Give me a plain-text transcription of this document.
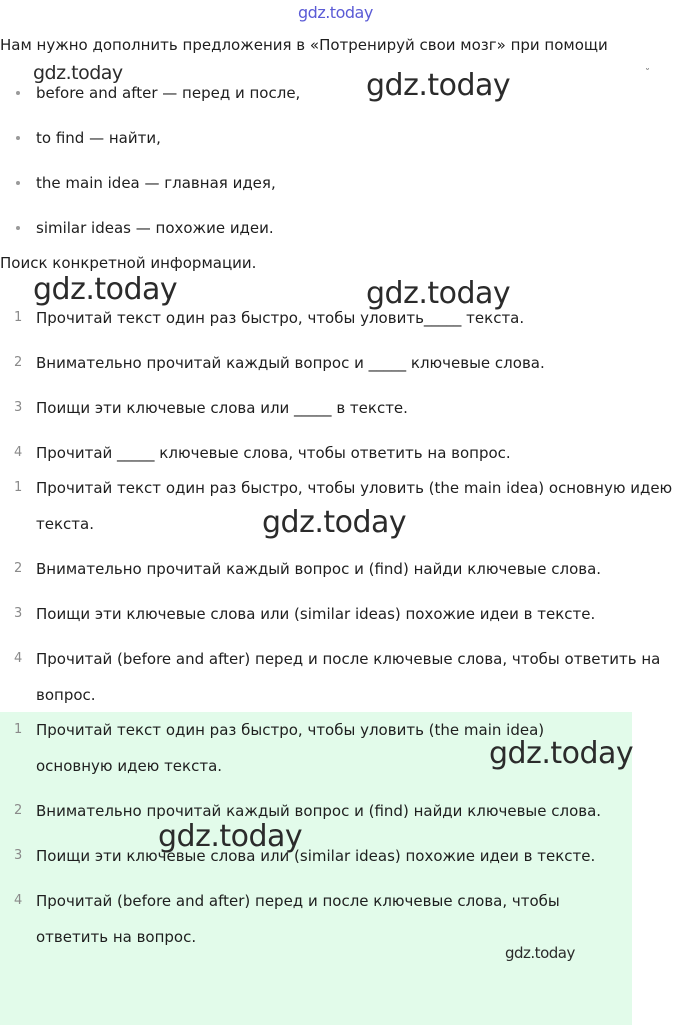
Нам нужно дополнить предложения в «Потренируй свои мозг» при помощи
˘
before and after — перед и после,
to find — найти,
the main idea — главная идея,
similar ideas — похожие идеи.
Поиск конкретной информации.
1 Прочитай текст один раз быстро, чтобы уловить_____ текста.
2 Внимательно прочитай каждый вопрос и _____ ключевые слова.
3 Поищи эти ключевые слова или _____ в тексте.
4 Прочитай _____ ключевые слова, чтобы ответить на вопрос.
1 Прочитай текст один раз быстро, чтобы уловить (the main idea) основную идею текста.
2 Внимательно прочитай каждый вопрос и (find) найди ключевые слова.
3 Поищи эти ключевые слова или (similar ideas) похожие идеи в тексте.
4 Прочитай (before and after) перед и после ключевые слова, чтобы ответить на вопрос.
1 Прочитай текст один раз быстро, чтобы уловить (the main idea) основную идею текста.
2 Внимательно прочитай каждый вопрос и (find) найди ключевые слова.
3 Поищи эти ключевые слова или (similar ideas) похожие идеи в тексте.
4 Прочитай (before and after) перед и после ключевые слова, чтобы ответить на вопрос.
gdz.today
gdz.today	gdz.today
gdz.today	gdz.today
gdz.today
gdz.today
gdz.today
gdz.today
